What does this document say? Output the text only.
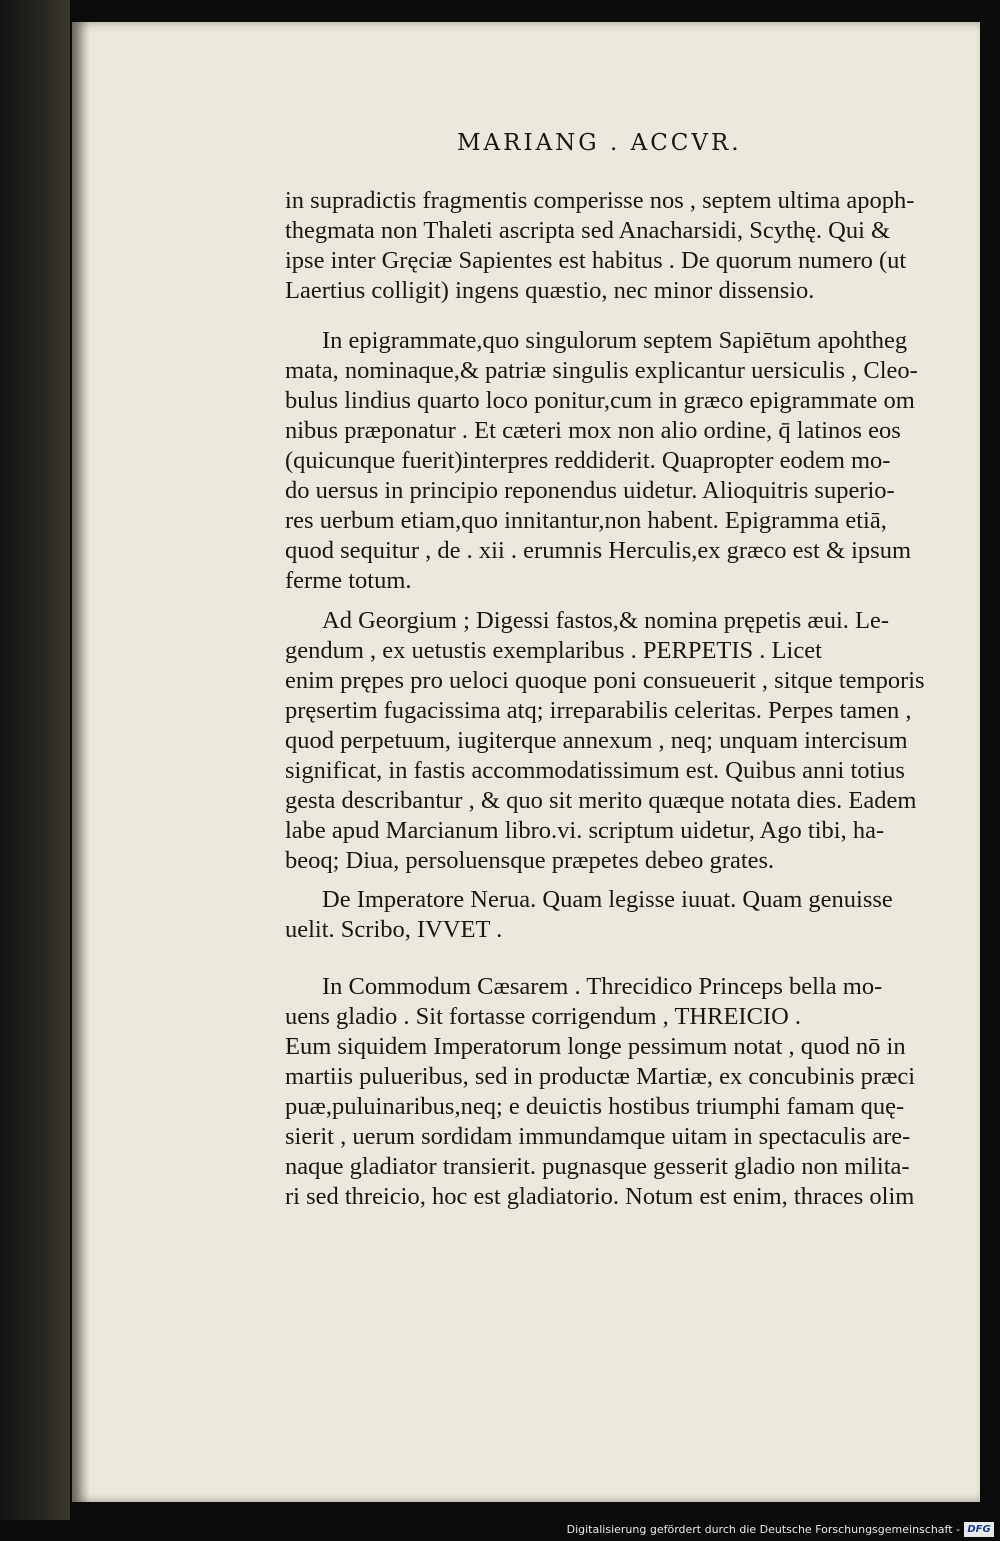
MARIANG . ACCVR.
in supradictis fragmentis comperisse nos , septem ultima apoph-
thegmata non Thaleti ascripta sed Anacharsidi, Scythę. Qui &
ipse inter Gręciæ Sapientes est habitus . De quorum numero (ut
Laertius colligit) ingens quæstio, nec minor dissensio.
In epigrammate,quo singulorum septem Sapiētum apohtheg
mata, nominaque,& patriæ singulis explicantur uersiculis , Cleo-
bulus lindius quarto loco ponitur,cum in græco epigrammate om
nibus præponatur . Et cæteri mox non alio ordine, q̄ latinos eos
(quicunque fuerit)interpres reddiderit. Quapropter eodem mo-
do uersus in principio reponendus uidetur. Alioquitris superio-
res uerbum etiam,quo innitantur,non habent. Epigramma etiā,
quod sequitur , de . xii . erumnis Herculis,ex græco est & ipsum
ferme totum.
Ad Georgium ; Digessi fastos,& nomina prępetis æui. Le-
gendum , ex uetustis exemplaribus . PERPETIS . Licet
enim prępes pro ueloci quoque poni consueuerit , sitque temporis
pręsertim fugacissima atq; irreparabilis celeritas. Perpes tamen ,
quod perpetuum, iugiterque annexum , neq; unquam intercisum
significat, in fastis accommodatissimum est. Quibus anni totius
gesta describantur , & quo sit merito quæque notata dies. Eadem
labe apud Marcianum libro.vi. scriptum uidetur, Ago tibi, ha-
beoq; Diua, persoluensque præpetes debeo grates.
De Imperatore Nerua. Quam legisse iuuat. Quam genuisse
uelit. Scribo, IVVET .
In Commodum Cæsarem . Threcidico Princeps bella mo-
uens gladio . Sit fortasse corrigendum , THREICIO .
Eum siquidem Imperatorum longe pessimum notat , quod nō in
martiis pulueribus, sed in productæ Martiæ, ex concubinis præci
puæ,puluinaribus,neq; e deuictis hostibus triumphi famam quę-
sierit , uerum sordidam immundamque uitam in spectaculis are-
naque gladiator transierit. pugnasque gesserit gladio non milita-
ri sed threicio, hoc est gladiatorio. Notum est enim, thraces olim
Digitalisierung gefördert durch die Deutsche Forschungsgemeinschaft - DFG
